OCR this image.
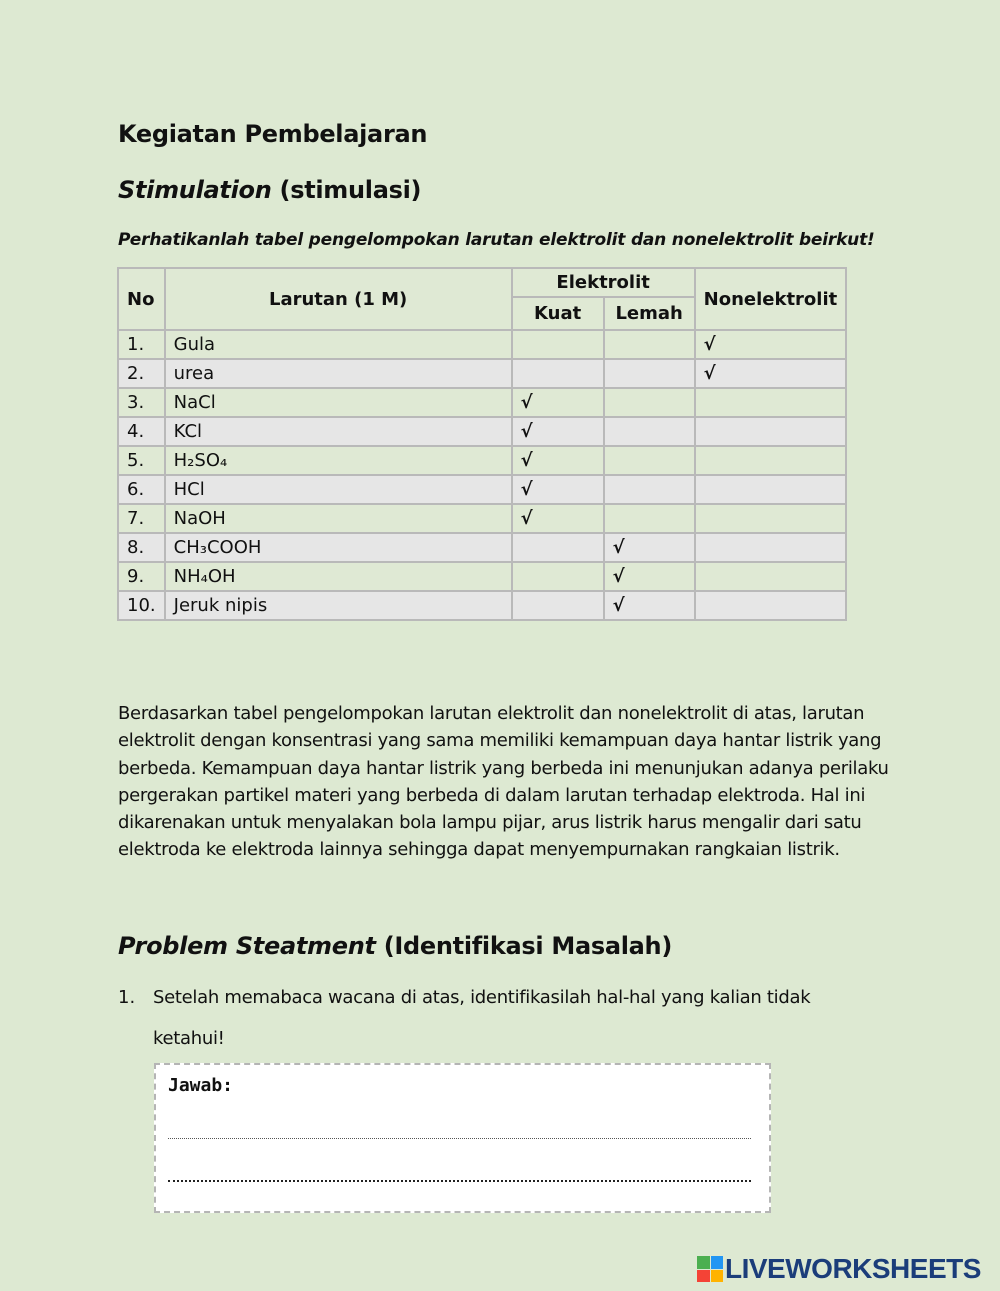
Kegiatan Pembelajaran
Stimulation (stimulasi)
Perhatikanlah tabel pengelompokan larutan elektrolit dan nonelektrolit beirkut!
No	Larutan (1 M)	Elektrolit		Nonelektrolit
		Kuat	Lemah	
1.	Gula			√
2.	urea			√
3.	NaCl	√		
4.	KCl	√		
5.	H₂SO₄	√		
6.	HCl	√		
7.	NaOH	√		
8.	CH₃COOH		√	
9.	NH₄OH		√	
10.	Jeruk nipis		√	
Berdasarkan tabel pengelompokan larutan elektrolit dan nonelektrolit di atas, larutan elektrolit dengan konsentrasi yang sama memiliki kemampuan daya hantar listrik yang berbeda. Kemampuan daya hantar listrik yang berbeda ini menunjukan adanya perilaku pergerakan partikel materi yang berbeda di dalam larutan terhadap elektroda. Hal ini dikarenakan untuk menyalakan bola lampu pijar, arus listrik harus mengalir dari satu elektroda ke elektroda lainnya sehingga dapat menyempurnakan rangkaian listrik.
Problem Steatment (Identifikasi Masalah)
1. Setelah memabaca wacana di atas, identifikasilah hal-hal yang kalian tidak
ketahui!
Jawab:
LIVEWORKSHEETS
